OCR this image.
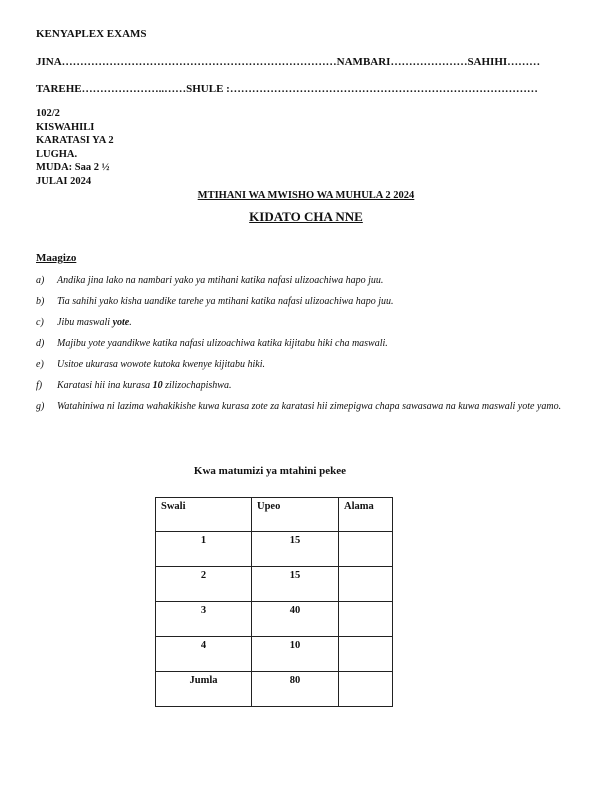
KENYAPLEX EXAMS
JINA…………………………………………………………………NAMBARI…………………SAHIHI………
TAREHE…………………..……SHULE :…………………………………………………………………………
102/2
KISWAHILI
KARATASI YA 2
LUGHA.
MUDA: Saa 2 ½
JULAI 2024
MTIHANI WA MWISHO WA MUHULA 2 2024
KIDATO CHA NNE
Maagizo
a) Andika jina lako na nambari yako ya mtihani katika nafasi ulizoachiwa hapo juu.
b) Tia sahihi yako kisha uandike tarehe ya mtihani katika nafasi ulizoachiwa hapo juu.
c) Jibu maswali yote.
d) Majibu yote yaandikwe katika nafasi ulizoachiwa katika kijitabu hiki cha maswali.
e) Usitoe ukurasa wowote kutoka kwenye kijitabu hiki.
f) Karatasi hii ina kurasa 10 zilizochapishwa.
g) Watahiniwa ni lazima wahakikishe kuwa kurasa zote za karatasi hii zimepigwa chapa sawasawa na kuwa maswali yote yamo.
Kwa matumizi ya mtahini pekee
Swali	Upeo	Alama
1	15	
2	15	
3	40	
4	10	
Jumla	80	
